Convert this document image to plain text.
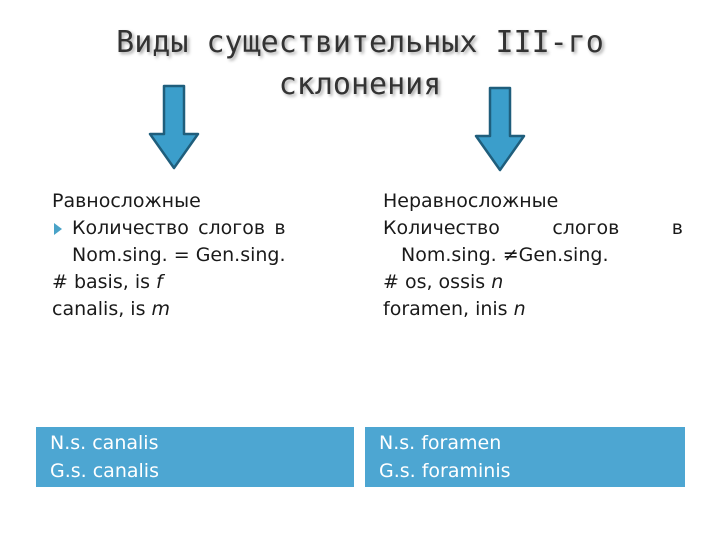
Виды существительных III-го
склонения
Равносложные
Количество слогов в
Nom.sing. = Gen.sing.
# basis, is f
canalis, is m
Неравносложные
Количество слогов в
Nom.sing. ≠Gen.sing.
# os, ossis n
foramen, inis n
N.s. canalis
G.s. canalis
N.s. foramen
G.s. foraminis
